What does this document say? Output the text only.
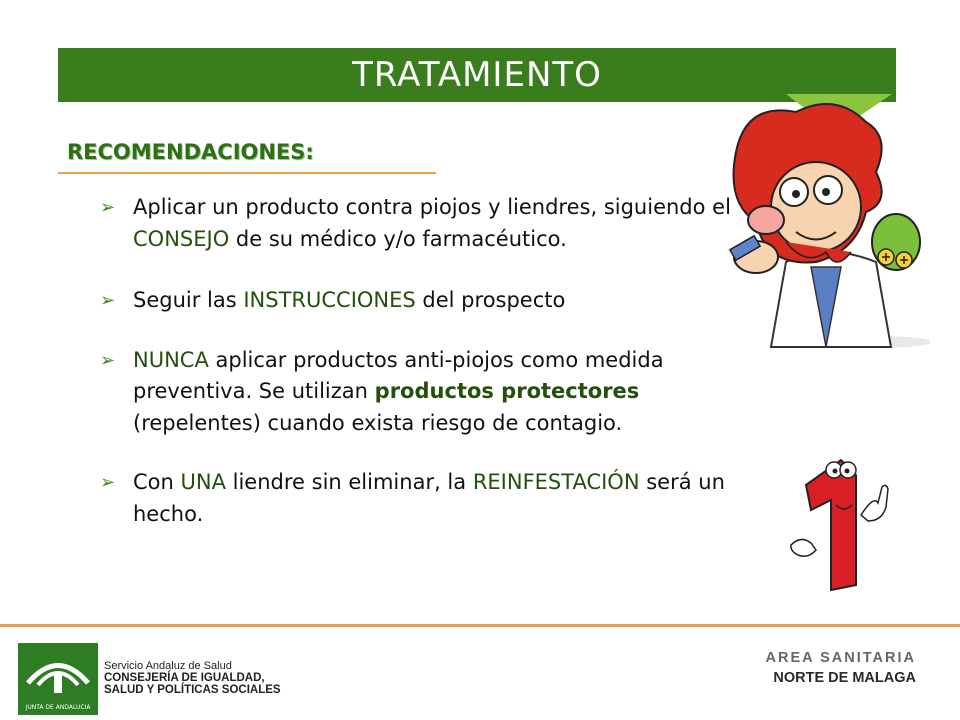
TRATAMIENTO
RECOMENDACIONES:
➢ Aplicar un producto contra piojos y liendres, siguiendo el CONSEJO de su médico y/o farmacéutico.
➢ Seguir las INSTRUCCIONES del prospecto
➢ NUNCA aplicar productos anti-piojos como medida preventiva. Se utilizan productos protectores (repelentes) cuando exista riesgo de contagio.
➢ Con UNA liendre sin eliminar, la REINFESTACIÓN será un hecho.
JUNTA DE ANDALUCIA
Servicio Andaluz de Salud
CONSEJERÍA DE IGUALDAD,
SALUD Y POLÍTICAS SOCIALES
AREA SANITARIA
NORTE DE MALAGA
